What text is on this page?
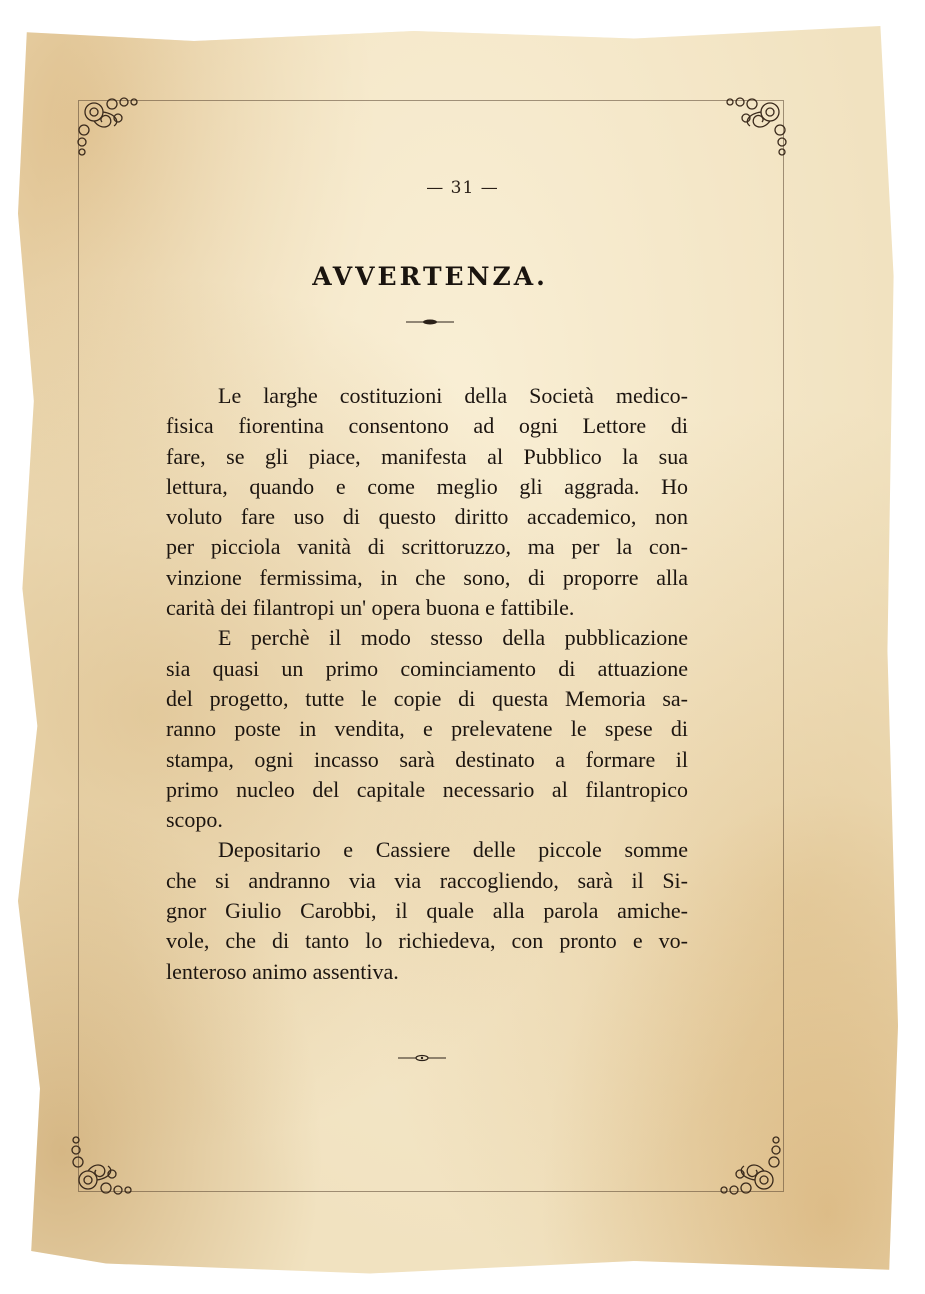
— 31 —
AVVERTENZA.
Le larghe costituzioni della Società medico-
fisica fiorentina consentono ad ogni Lettore di
fare, se gli piace, manifesta al Pubblico la sua
lettura, quando e come meglio gli aggrada. Ho
voluto fare uso di questo diritto accademico, non
per picciola vanità di scrittoruzzo, ma per la con-
vinzione fermissima, in che sono, di proporre alla
carità dei filantropi un' opera buona e fattibile.
E perchè il modo stesso della pubblicazione
sia quasi un primo cominciamento di attuazione
del progetto, tutte le copie di questa Memoria sa-
ranno poste in vendita, e prelevatene le spese di
stampa, ogni incasso sarà destinato a formare il
primo nucleo del capitale necessario al filantropico
scopo.
Depositario e Cassiere delle piccole somme
che si andranno via via raccogliendo, sarà il Si-
gnor Giulio Carobbi, il quale alla parola amiche-
vole, che di tanto lo richiedeva, con pronto e vo-
lenteroso animo assentiva.
